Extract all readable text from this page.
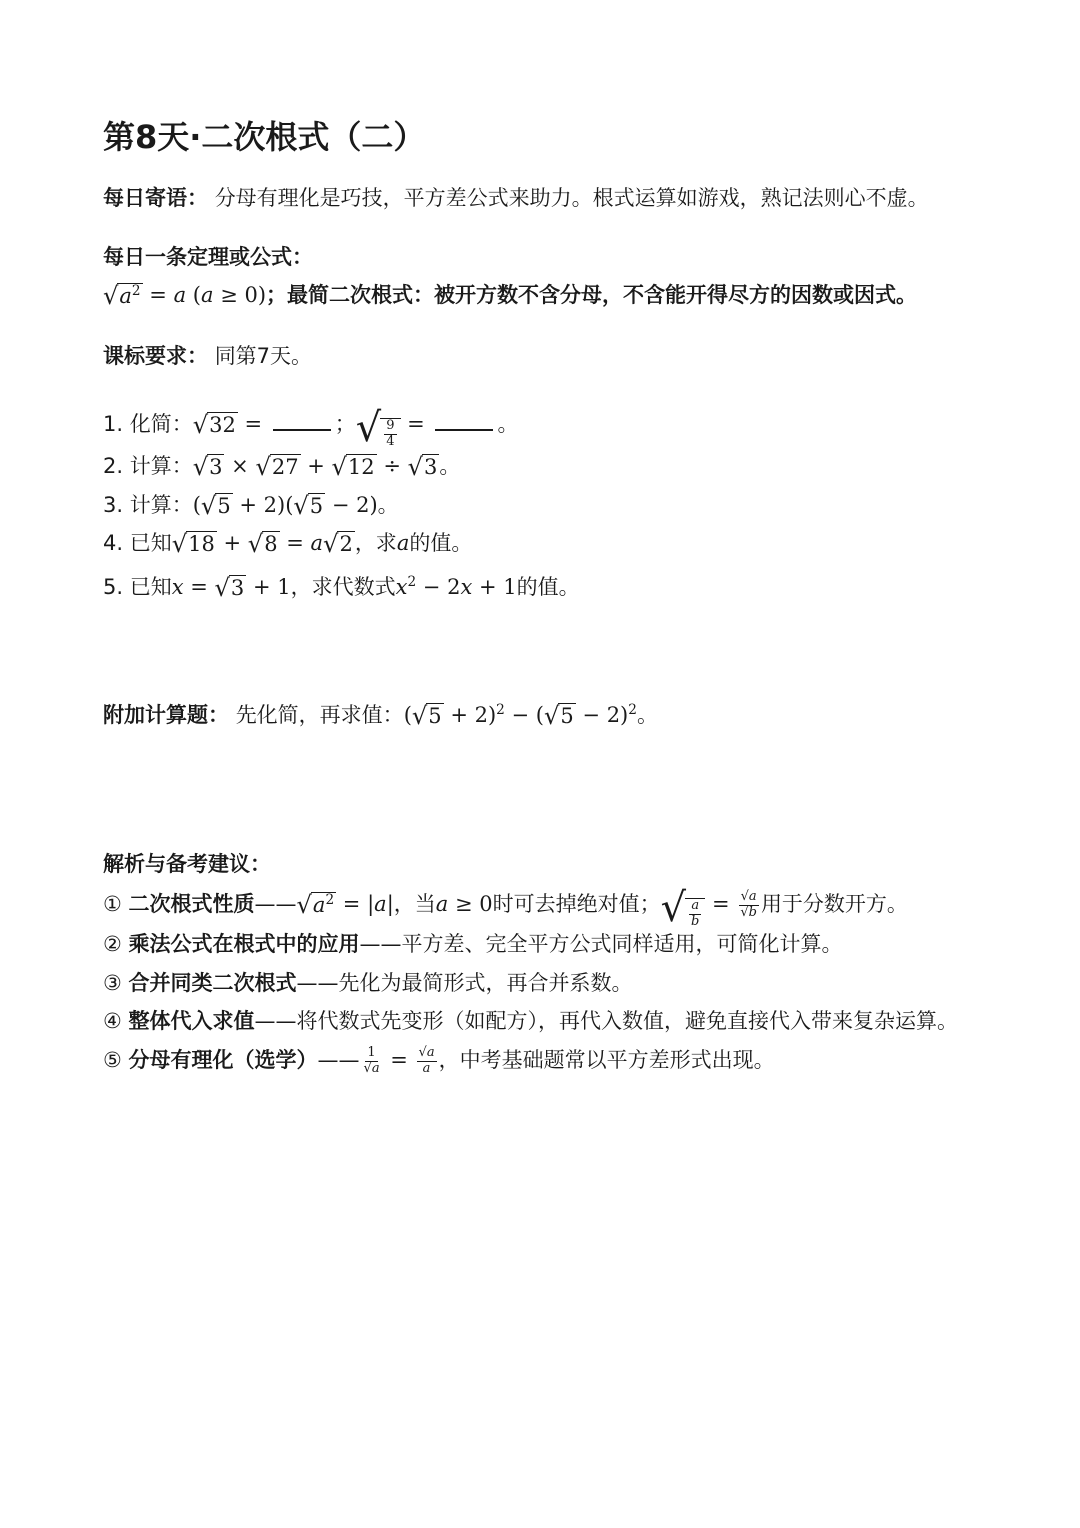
第8天·二次根式（二）
每日寄语： 分母有理化是巧技，平方差公式来助力。根式运算如游戏，熟记法则心不虚。
每日一条定理或公式：
√ $a^2 = a$ (a ≥ 0)；最简二次根式：被开方数不含分母，不含能开得尽方的因数或因式。
课标要求： 同第7天。
1. 化简： √ 32 =	； √ $\frac{9}{4}$ =	。
2. 计算： √ 3 × √ 27 + √ 12 ÷ √ 3 。
3. 计算：( √ 5 + 2)( √ 5 − 2)。
4. 已知 √ 18 + √ 8 = a √ 2 ，求a的值。
5. 已知x = √ 3 + 1，求代数式$x^2 - 2x + 1$的值。
附加计算题： 先化简，再求值：( √ 5 + 2)$^2$ − ( √ 5 − 2)$^2$。
解析与备考建议：
① 二次根式性质—— √ $a^2 = |a|$，当a ≥ 0时可去掉绝对值； √ $\frac{a}{b} = \frac{√a}{√b}$ 用于分数开方。
② 乘法公式在根式中的应用——平方差、完全平方公式同样适用，可简化计算。
③ 合并同类二次根式——先化为最简形式，再合并系数。
④ 整体代入求值——将代数式先变形（如配方），再代入数值，避免直接代入带来复杂运算。
⑤ 分母有理化（选学）—— $\frac{1}{√a} = \frac{√a}{a}$ ，中考基础题常以平方差形式出现。
